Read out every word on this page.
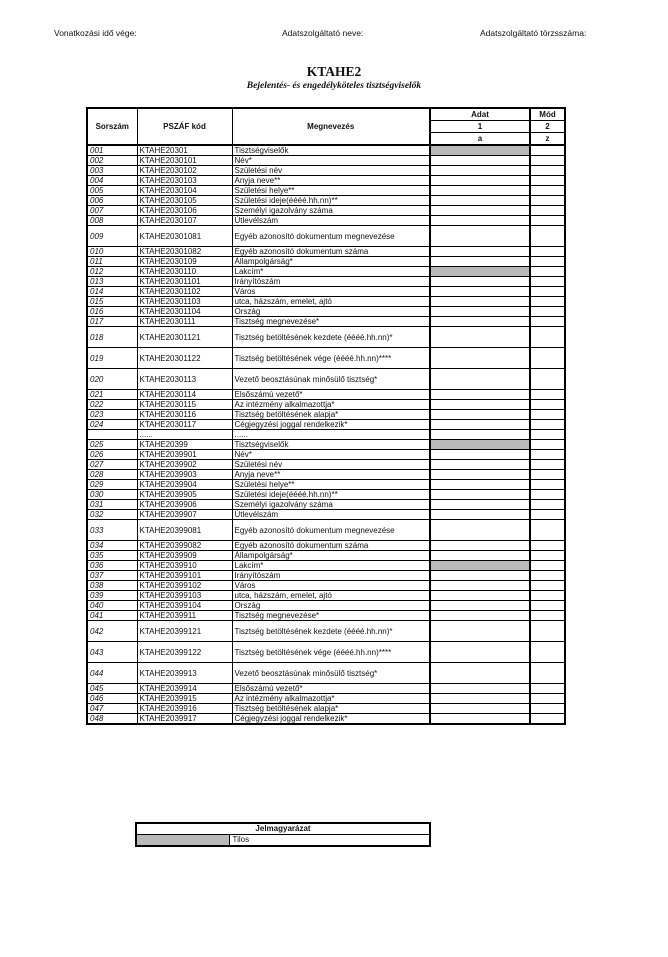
Vonatkozási idő vége:	Adatszolgáltató neve:	Adatszolgáltató törzsszáma:
KTAHE2
Bejelentés- és engedélyköteles tisztségviselők
Sorszám	PSZÁF kód	Megnevezés	Adat	Mód
			1	2
			a	z
001	KTAHE20301	Tisztségviselők		
002	KTAHE2030101	Név*		
003	KTAHE2030102	Születési név		
004	KTAHE2030103	Anyja neve**		
005	KTAHE2030104	Születési helye**		
006	KTAHE2030105	Születési ideje(éééé.hh.nn)**		
007	KTAHE2030106	Személyi igazolvány száma		
008	KTAHE2030107	Útlevélszám		
009	KTAHE20301081	Egyéb azonosító dokumentum megnevezése		
010	KTAHE20301082	Egyéb azonosító dokumentum száma		
011	KTAHE2030109	Állampolgárság*		
012	KTAHE2030110	Lakcím*		
013	KTAHE20301101	Irányítószám		
014	KTAHE20301102	Város		
015	KTAHE20301103	utca, házszám, emelet, ajtó		
016	KTAHE20301104	Ország		
017	KTAHE2030111	Tisztség megnevezése*		
018	KTAHE20301121	Tisztség betöltésének kezdete (éééé.hh.nn)*		
019	KTAHE20301122	Tisztség betöltésének vége (éééé.hh.nn)****		
020	KTAHE2030113	Vezető beosztásúnak minősülő tisztség*		
021	KTAHE2030114	Elsőszámú vezető*		
022	KTAHE2030115	Az intézmény alkalmazottja*		
023	KTAHE2030116	Tisztség betöltésének alapja*		
024	KTAHE2030117	Cégjegyzési joggal rendelkezik*		
	......	......		
025	KTAHE20399	Tisztségviselők		
026	KTAHE2039901	Név*		
027	KTAHE2039902	Születési név		
028	KTAHE2039903	Anyja neve**		
029	KTAHE2039904	Születési helye**		
030	KTAHE2039905	Születési ideje(éééé.hh.nn)**		
031	KTAHE2039906	Személyi igazolvány száma		
032	KTAHE2039907	Útlevélszám		
033	KTAHE20399081	Egyéb azonosító dokumentum megnevezése		
034	KTAHE20399082	Egyéb azonosító dokumentum száma		
035	KTAHE2039909	Állampolgárság*		
036	KTAHE2039910	Lakcím*		
037	KTAHE20399101	Irányítószám		
038	KTAHE20399102	Város		
039	KTAHE20399103	utca, házszám, emelet, ajtó		
040	KTAHE20399104	Ország		
041	KTAHE2039911	Tisztség megnevezése*		
042	KTAHE20399121	Tisztség betöltésének kezdete (éééé.hh.nn)*		
043	KTAHE20399122	Tisztség betöltésének vége (éééé.hh.nn)****		
044	KTAHE2039913	Vezető beosztásúnak minősülő tisztség*		
045	KTAHE2039914	Elsőszámú vezető*		
046	KTAHE2039915	Az intézmény alkalmazottja*		
047	KTAHE2039916	Tisztség betöltésének alapja*		
048	KTAHE2039917	Cégjegyzési joggal rendelkezik*		
Jelmagyarázat
	Tilos
